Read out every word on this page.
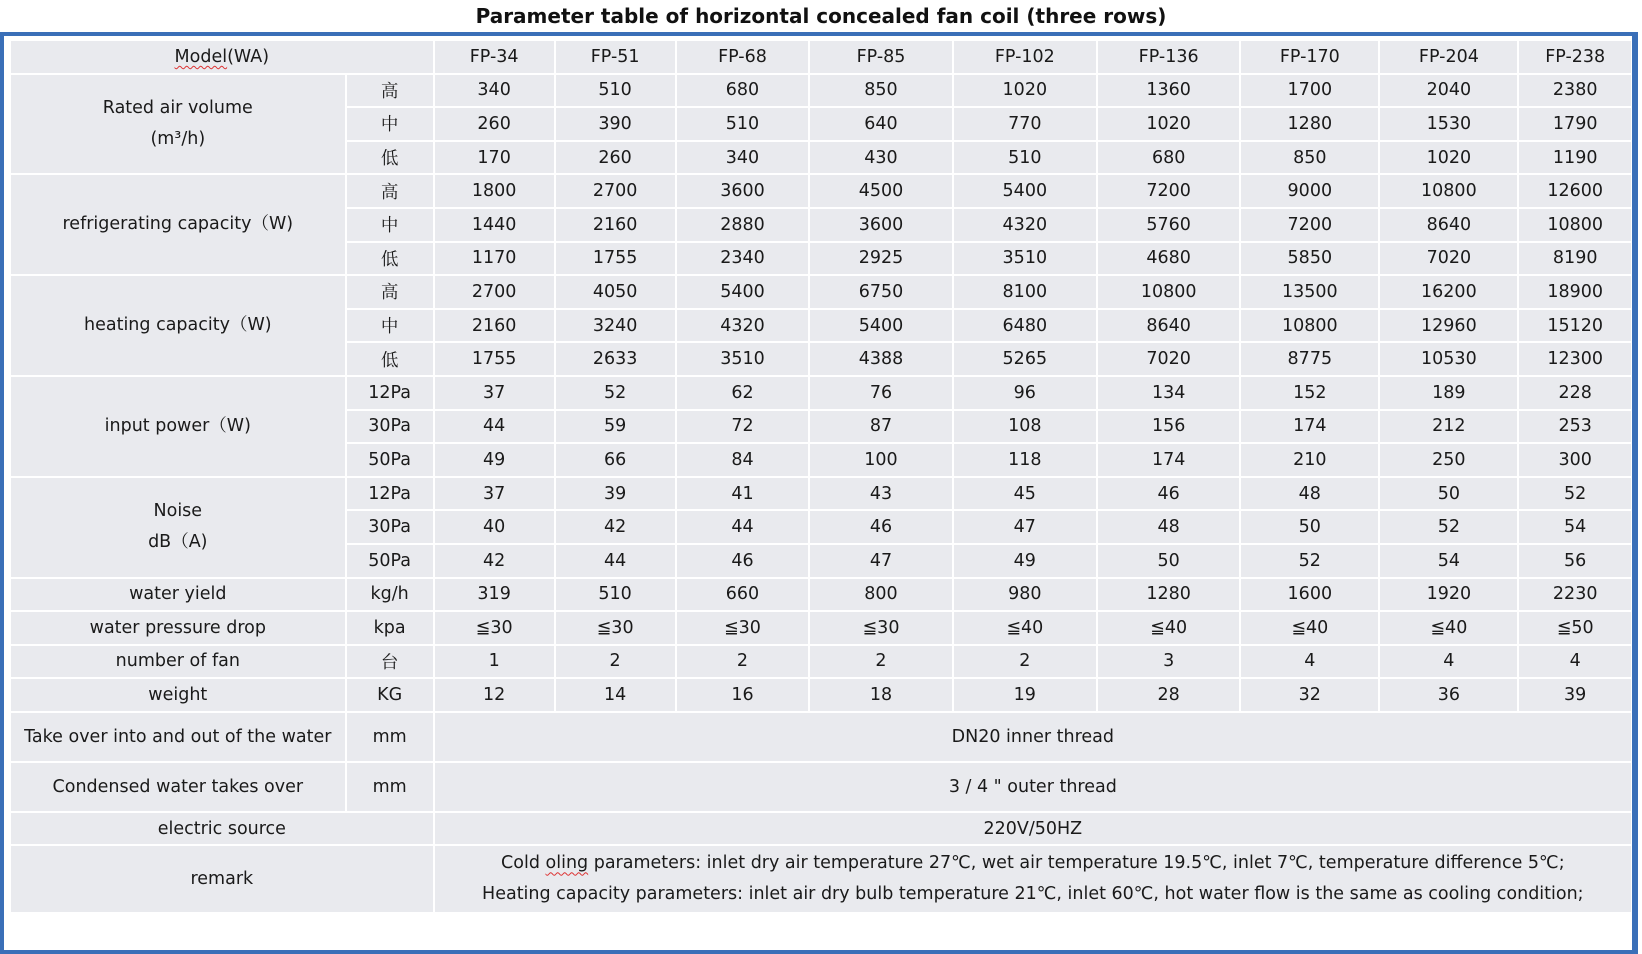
Parameter table of horizontal concealed fan coil (three rows)
Model(WA)		FP-34	FP-51	FP-68	FP-85	FP-102	FP-136	FP-170	FP-204	FP-238

Rated air volume
(m³/h)	高	340	510	680	850	1020	1360	1700	2040	2380
	中	260	390	510	640	770	1020	1280	1530	1790
	低	170	260	340	430	510	680	850	1020	1190

refrigerating capacity（W)	高	1800	2700	3600	4500	5400	7200	9000	10800	12600
	中	1440	2160	2880	3600	4320	5760	7200	8640	10800
	低	1170	1755	2340	2925	3510	4680	5850	7020	8190

heating capacity（W)	高	2700	4050	5400	6750	8100	10800	13500	16200	18900
	中	2160	3240	4320	5400	6480	8640	10800	12960	15120
	低	1755	2633	3510	4388	5265	7020	8775	10530	12300

input power（W)	12Pa	37	52	62	76	96	134	152	189	228
	30Pa	44	59	72	87	108	156	174	212	253
	50Pa	49	66	84	100	118	174	210	250	300

Noise
dB（A)	12Pa	37	39	41	43	45	46	48	50	52
	30Pa	40	42	44	46	47	48	50	52	54
	50Pa	42	44	46	47	49	50	52	54	56
water yield	kg/h	319	510	660	800	980	1280	1600	1920	2230
water pressure drop	kpa	≦30	≦30	≦30	≦30	≦40	≦40	≦40	≦40	≦50
number of fan	台	1	2	2	2	2	3	4	4	4
weight	KG	12	14	16	18	19	28	32	36	39
Take over into and out of the water	mm	DN20 inner thread								
Condensed water takes over	mm	3 / 4 " outer thread								
electric source		220V/50HZ								
remark		Cold oling parameters: inlet dry air temperature 27℃, wet air temperature 19.5℃, inlet 7℃, temperature difference 5℃;
Heating capacity parameters: inlet air dry bulb temperature 21℃, inlet 60℃, hot water flow is the same as cooling condition;								
